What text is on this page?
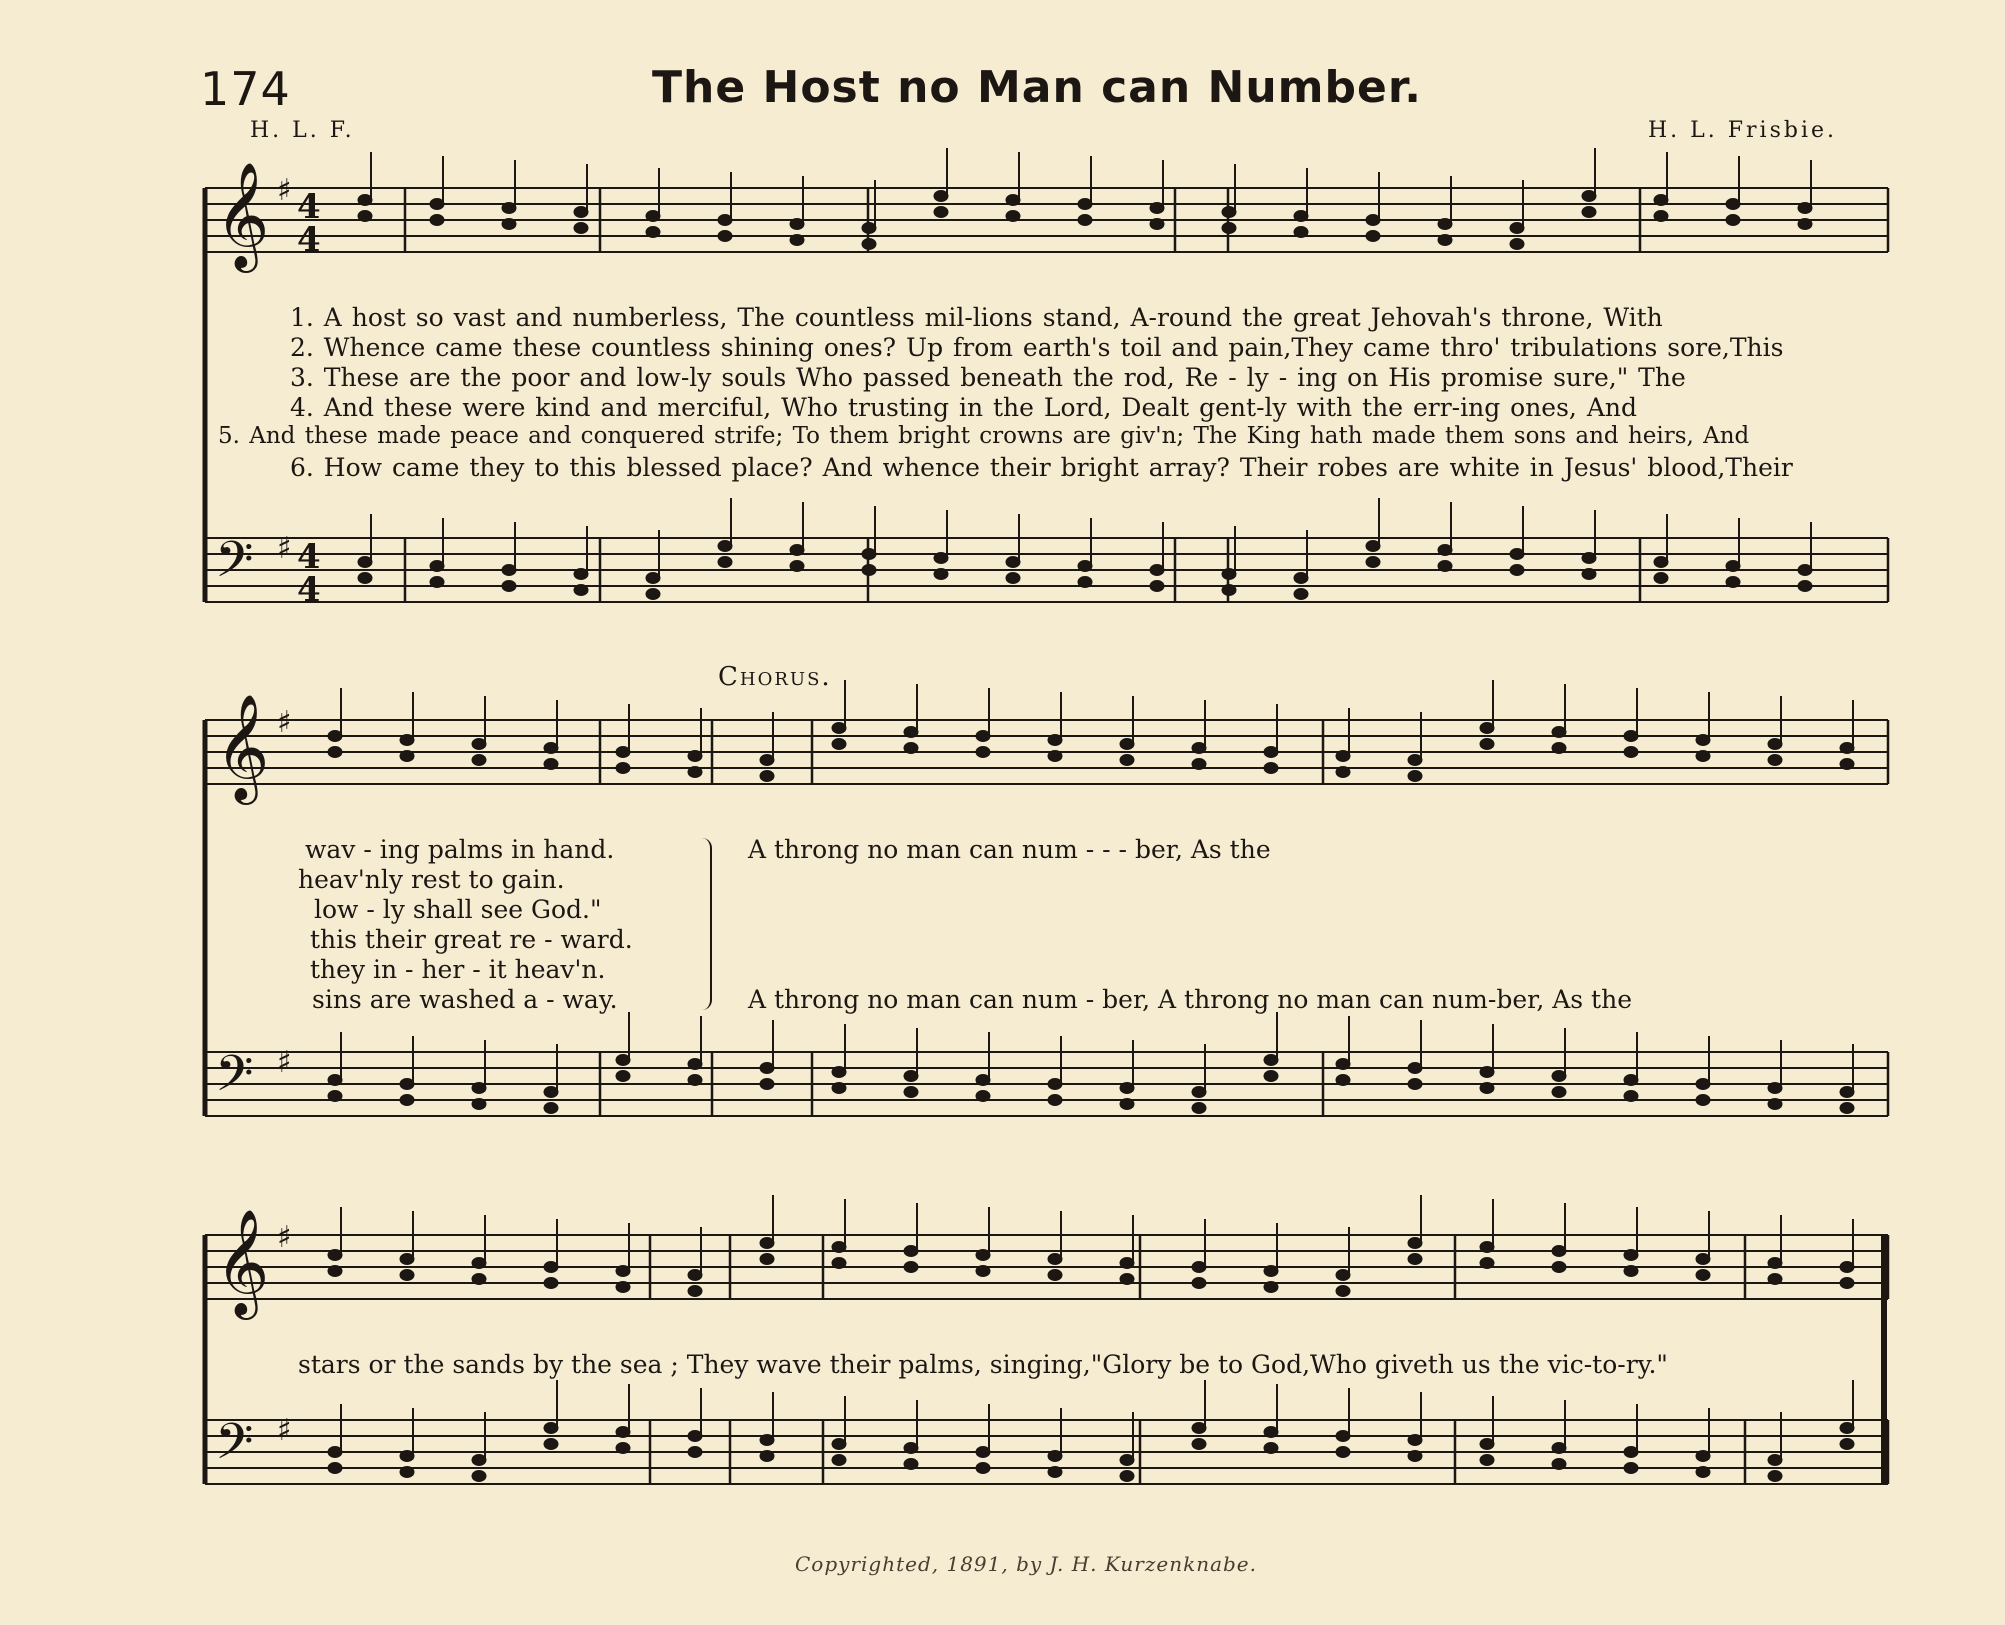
174	The Host no Man can Number.
H. L. F.	H. L. Frisbie.
𝄞 ♯
𝄢 ♯
𝄞 ♯
𝄢 ♯
𝄞 ♯
𝄢 ♯
4
4
4
4
1. A host so vast and numberless, The countless mil-lions stand, A-round the great Jehovah's throne, With
2. Whence came these countless shining ones? Up from earth's toil and pain,They came thro' tribulations sore,This
3. These are the poor and low-ly souls Who passed beneath the rod, Re - ly - ing on His promise sure," The
4. And these were kind and merciful, Who trusting in the Lord, Dealt gent-ly with the err-ing ones, And
5. And these made peace and conquered strife; To them bright crowns are giv'n; The King hath made them sons and heirs, And
6. How came they to this blessed place? And whence their bright array? Their robes are white in Jesus' blood,Their
Chorus.
wav - ing palms in hand.
heav'nly rest to gain.
low - ly shall see God."
this their great re - ward.
they in - her - it heav'n.
sins are washed a - way.
A throng no man can num - - - ber, As the
A throng no man can num - ber, A throng no man can num-ber, As the
stars or the sands by the sea ; They wave their palms, singing,"Glory be to God,Who giveth us the vic-to-ry."
Copyrighted, 1891, by J. H. Kurzenknabe.
